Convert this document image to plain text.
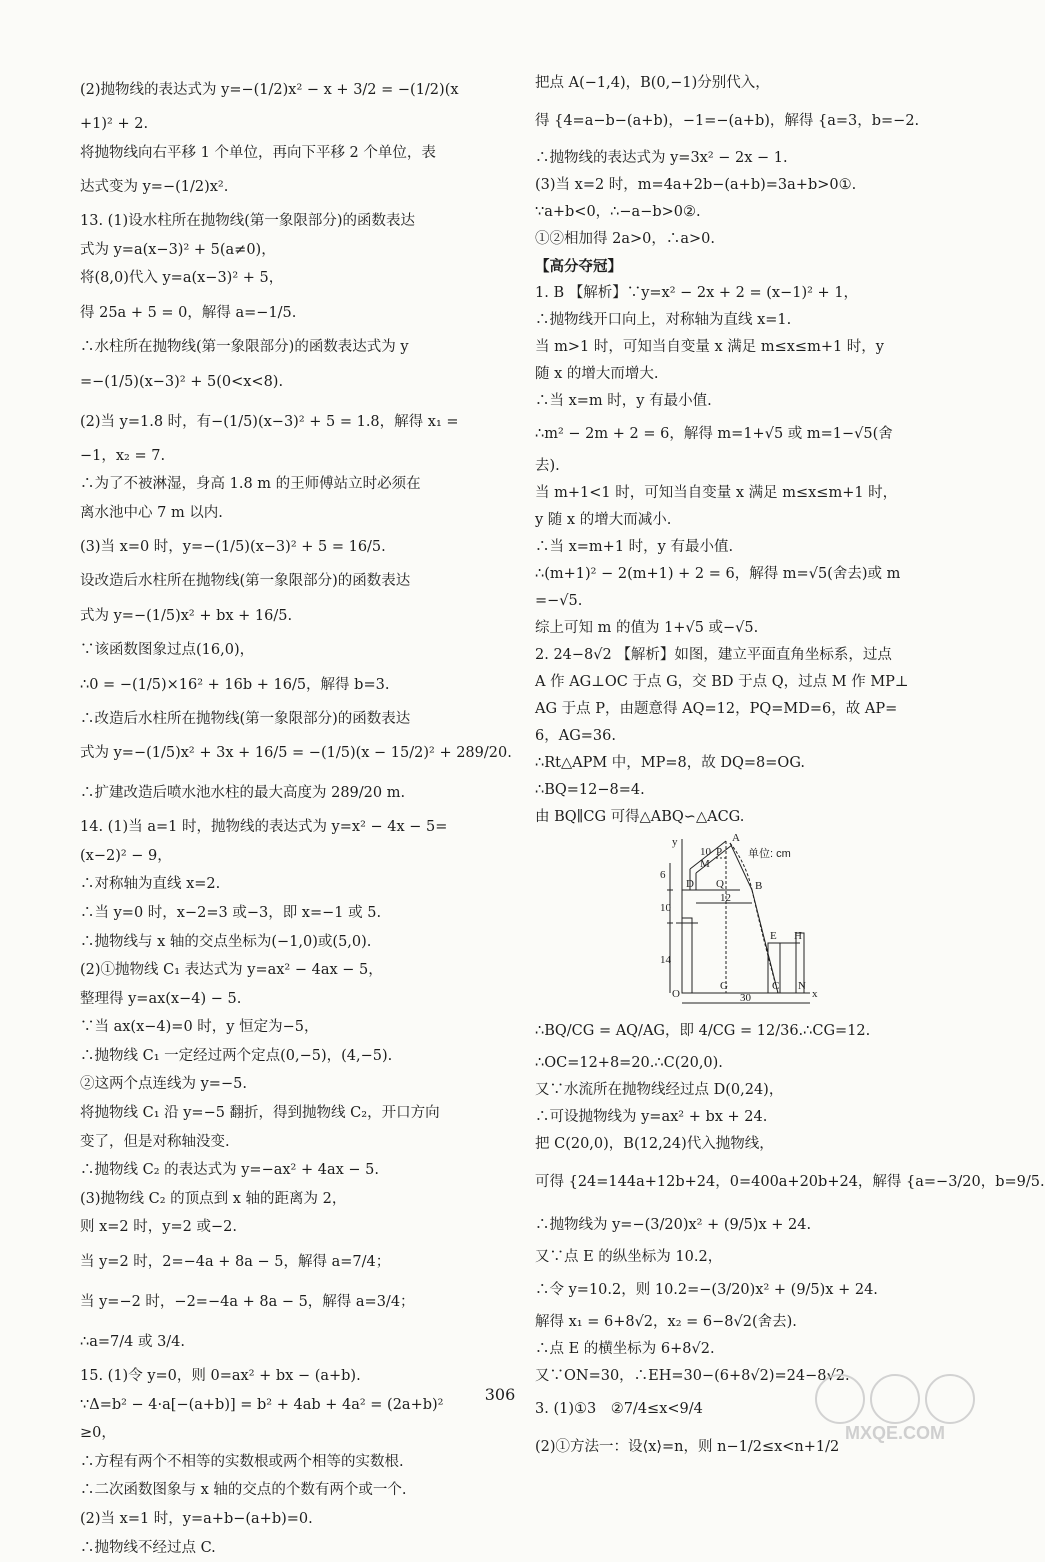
(2)抛物线的表达式为 y=−(1/2)x² − x + 3/2 = −(1/2)(x
+1)² + 2.
将抛物线向右平移 1 个单位，再向下平移 2 个单位，表
达式变为 y=−(1/2)x².
13. (1)设水柱所在抛物线(第一象限部分)的函数表达
式为 y=a(x−3)² + 5(a≠0)，
将(8,0)代入 y=a(x−3)² + 5，
得 25a + 5 = 0，解得 a=−1/5.
∴水柱所在抛物线(第一象限部分)的函数表达式为 y
=−(1/5)(x−3)² + 5(0<x<8).
(2)当 y=1.8 时，有−(1/5)(x−3)² + 5 = 1.8，解得 x₁ =
−1，x₂ = 7.
∴为了不被淋湿，身高 1.8 m 的王师傅站立时必须在
离水池中心 7 m 以内.
(3)当 x=0 时，y=−(1/5)(x−3)² + 5 = 16/5.
设改造后水柱所在抛物线(第一象限部分)的函数表达
式为 y=−(1/5)x² + bx + 16/5.
∵该函数图象过点(16,0)，
∴0 = −(1/5)×16² + 16b + 16/5，解得 b=3.
∴改造后水柱所在抛物线(第一象限部分)的函数表达
式为 y=−(1/5)x² + 3x + 16/5 = −(1/5)(x − 15/2)² + 289/20.
∴扩建改造后喷水池水柱的最大高度为 289/20 m.
14. (1)当 a=1 时，抛物线的表达式为 y=x² − 4x − 5=
(x−2)² − 9，
∴对称轴为直线 x=2.
∴当 y=0 时，x−2=3 或−3，即 x=−1 或 5.
∴抛物线与 x 轴的交点坐标为(−1,0)或(5,0).
(2)①抛物线 C₁ 表达式为 y=ax² − 4ax − 5，
整理得 y=ax(x−4) − 5.
∵当 ax(x−4)=0 时，y 恒定为−5，
∴抛物线 C₁ 一定经过两个定点(0,−5)，(4,−5).
②这两个点连线为 y=−5.
将抛物线 C₁ 沿 y=−5 翻折，得到抛物线 C₂，开口方向
变了，但是对称轴没变.
∴抛物线 C₂ 的表达式为 y=−ax² + 4ax − 5.
(3)抛物线 C₂ 的顶点到 x 轴的距离为 2，
则 x=2 时，y=2 或−2.
当 y=2 时，2=−4a + 8a − 5，解得 a=7/4；
当 y=−2 时，−2=−4a + 8a − 5，解得 a=3/4；
∴a=7/4 或 3/4.
15. (1)令 y=0，则 0=ax² + bx − (a+b).
∵Δ=b² − 4·a[−(a+b)] = b² + 4ab + 4a² = (2a+b)²
≥0，
∴方程有两个不相等的实数根或两个相等的实数根.
∴二次函数图象与 x 轴的交点的个数有两个或一个.
(2)当 x=1 时，y=a+b−(a+b)=0.
∴抛物线不经过点 C.
把点 A(−1,4)，B(0,−1)分别代入，
得 {4=a−b−(a+b)，−1=−(a+b)，解得 {a=3，b=−2.
∴抛物线的表达式为 y=3x² − 2x − 1.
(3)当 x=2 时，m=4a+2b−(a+b)=3a+b>0①.
∵a+b<0，∴−a−b>0②.
①②相加得 2a>0，∴a>0.
【高分夺冠】
1. B 【解析】∵y=x² − 2x + 2 = (x−1)² + 1，
∴抛物线开口向上，对称轴为直线 x=1.
当 m>1 时，可知当自变量 x 满足 m≤x≤m+1 时，y
随 x 的增大而增大.
∴当 x=m 时，y 有最小值.
∴m² − 2m + 2 = 6，解得 m=1+√5 或 m=1−√5(舍
去).
当 m+1<1 时，可知当自变量 x 满足 m≤x≤m+1 时，
y 随 x 的增大而减小.
∴当 x=m+1 时，y 有最小值.
∴(m+1)² − 2(m+1) + 2 = 6，解得 m=√5(舍去)或 m
=−√5.
综上可知 m 的值为 1+√5 或−√5.
2. 24−8√2 【解析】如图，建立平面直角坐标系，过点
A 作 AG⊥OC 于点 G，交 BD 于点 Q，过点 M 作 MP⊥
AG 于点 P，由题意得 AQ=12，PQ=MD=6，故 AP=
6，AG=36.
∴Rt△APM 中，MP=8，故 DQ=8=OG.
∴BQ=12−8=4.
由 BQ∥CG 可得△ABQ∽△ACG.
y	A
P
M
D Q	B
E H
O
G	C N
x
10
6
10
12
14
30
单位: cm
∴BQ/CG = AQ/AG，即 4/CG = 12/36.∴CG=12.
∴OC=12+8=20.∴C(20,0).
又∵水流所在抛物线经过点 D(0,24)，
∴可设抛物线为 y=ax² + bx + 24.
把 C(20,0)，B(12,24)代入抛物线，
可得 {24=144a+12b+24，0=400a+20b+24，解得 {a=−3/20，b=9/5.
∴抛物线为 y=−(3/20)x² + (9/5)x + 24.
又∵点 E 的纵坐标为 10.2，
∴令 y=10.2，则 10.2=−(3/20)x² + (9/5)x + 24.
解得 x₁ = 6+8√2，x₂ = 6−8√2(舍去).
∴点 E 的横坐标为 6+8√2.
又∵ON=30，∴EH=30−(6+8√2)=24−8√2.
3. (1)①3　②7/4≤x<9/4
(2)①方法一：设⟨x⟩=n，则 n−1/2≤x<n+1/2
306
MXQE.COM
